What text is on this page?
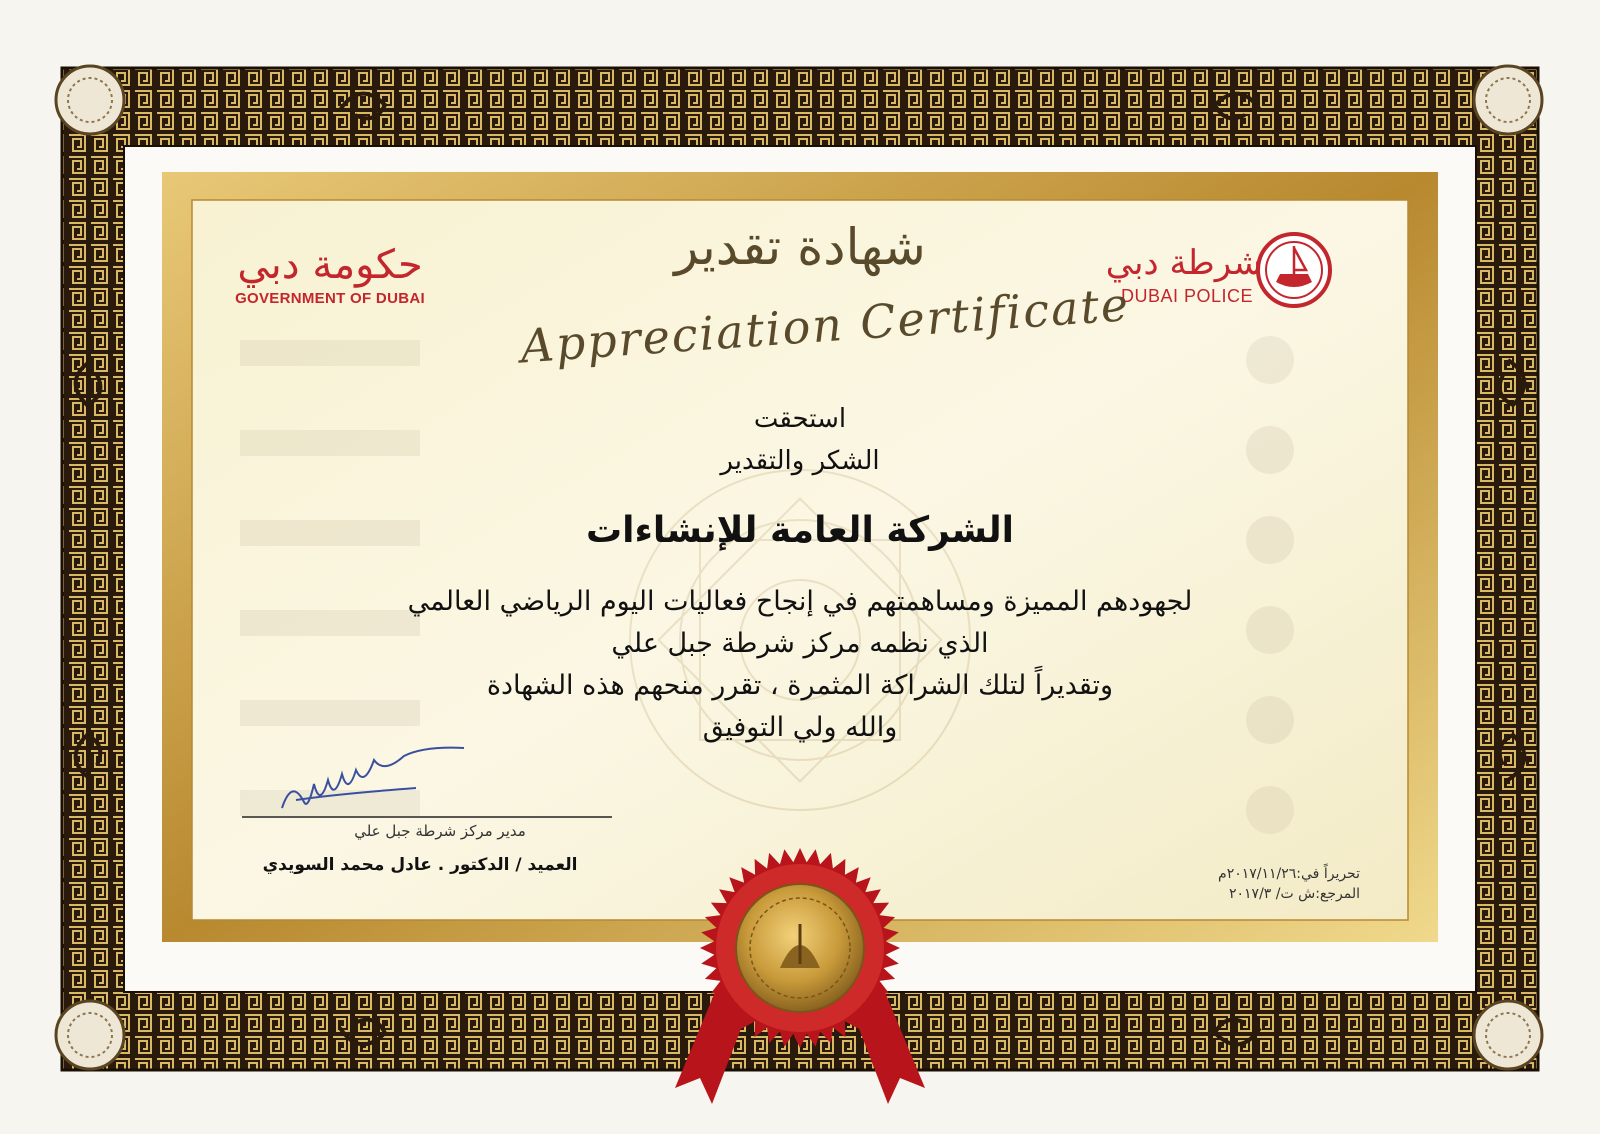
حكومة دبي
GOVERNMENT OF DUBAI
شرطة دبي
DUBAI POLICE
شهادة تقدير
Appreciation Certificate
استحقت
الشكر والتقدير
الشركة العامة للإنشاءات
لجهودهم المميزة ومساهمتهم في إنجاح فعاليات اليوم الرياضي العالمي
الذي نظمه مركز شرطة جبل علي
وتقديراً لتلك الشراكة المثمرة ، تقرر منحهم هذه الشهادة
والله ولي التوفيق
مدير مركز شرطة جبل علي
العميد / الدكتور . عادل محمد السويدي	تحريراً في:٢٠١٧/١١/٢٦م
المرجع:ش ت/ ٢٠١٧/٣
